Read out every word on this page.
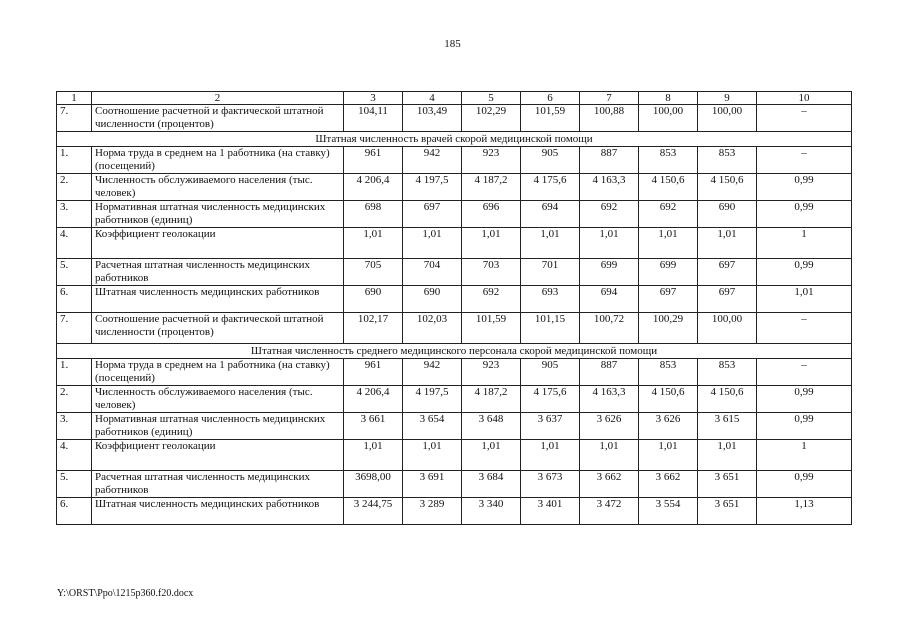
185
1	2	3	4	5	6	7	8	9	10
7.	Соотношение расчетной и фактической штатной численности (процентов)	104,11	103,49	102,29	101,59	100,88	100,00	100,00	–
Штатная численность врачей скорой медицинской помощи									
1.	Норма труда в среднем на 1 работника (на ставку) (посещений)	961	942	923	905	887	853	853	–
2.	Численность обслуживаемого населения (тыс. человек)	4 206,4	4 197,5	4 187,2	4 175,6	4 163,3	4 150,6	4 150,6	0,99
3.	Нормативная штатная численность медицинских работников (единиц)	698	697	696	694	692	692	690	0,99
4.	Коэффициент геолокации	1,01	1,01	1,01	1,01	1,01	1,01	1,01	1
5.	Расчетная штатная численность медицинских работников	705	704	703	701	699	699	697	0,99
6.	Штатная численность медицинских работников	690	690	692	693	694	697	697	1,01
7.	Соотношение расчетной и фактической штатной численности (процентов)	102,17	102,03	101,59	101,15	100,72	100,29	100,00	–
Штатная численность среднего медицинского персонала скорой медицинской помощи									
1.	Норма труда в среднем на 1 работника (на ставку) (посещений)	961	942	923	905	887	853	853	–
2.	Численность обслуживаемого населения (тыс. человек)	4 206,4	4 197,5	4 187,2	4 175,6	4 163,3	4 150,6	4 150,6	0,99
3.	Нормативная штатная численность медицинских работников (единиц)	3 661	3 654	3 648	3 637	3 626	3 626	3 615	0,99
4.	Коэффициент геолокации	1,01	1,01	1,01	1,01	1,01	1,01	1,01	1
5.	Расчетная штатная численность медицинских работников	3698,00	3 691	3 684	3 673	3 662	3 662	3 651	0,99
6.	Штатная численность медицинских работников	3 244,75	3 289	3 340	3 401	3 472	3 554	3 651	1,13
Y:\ORST\Ppo\1215p360.f20.docx
